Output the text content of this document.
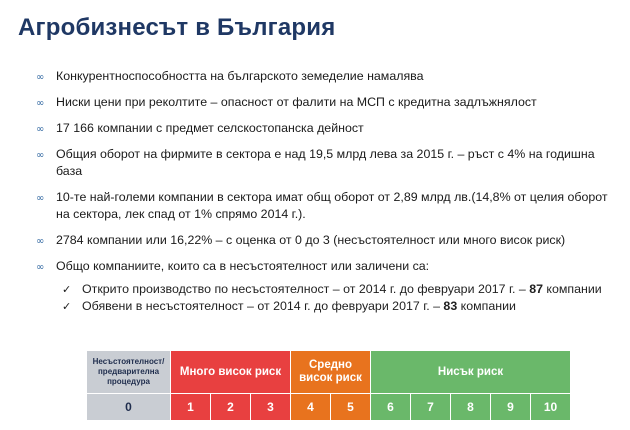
Агробизнесът в България
∞ Конкурентноспособността на българското земеделие намалява
∞ Ниски цени при реколтите – опасност от фалити на МСП с кредитна задлъжнялост
∞ 17 166 компании с предмет селскостопанска дейност
∞ Общия оборот на фирмите в сектора е над 19,5 млрд лева за 2015 г. – ръст с 4% на годишна база
∞ 10-те най-големи компании в сектора имат общ оборот от 2,89 млрд лв.(14,8% от целия оборот на сектора, лек спад от 1% спрямо 2014 г.).
∞ 2784 компании или 16,22% – с оценка от 0 до 3 (несъстоятелност или много висок риск)
∞ Общо компаниите, които са в несъстоятелност или заличени са:
✓ Открито производство по несъстоятелност – от 2014 г. до февруари 2017 г. – 87 компании
✓ Обявени в несъстоятелност – от 2014 г. до февруари 2017 г. – 83 компании
Несъстоятелност/ предварителна процедура	Много висок риск			Средно висок риск		Нисък риск				
0	1	2	3	4	5	6	7	8	9	10
